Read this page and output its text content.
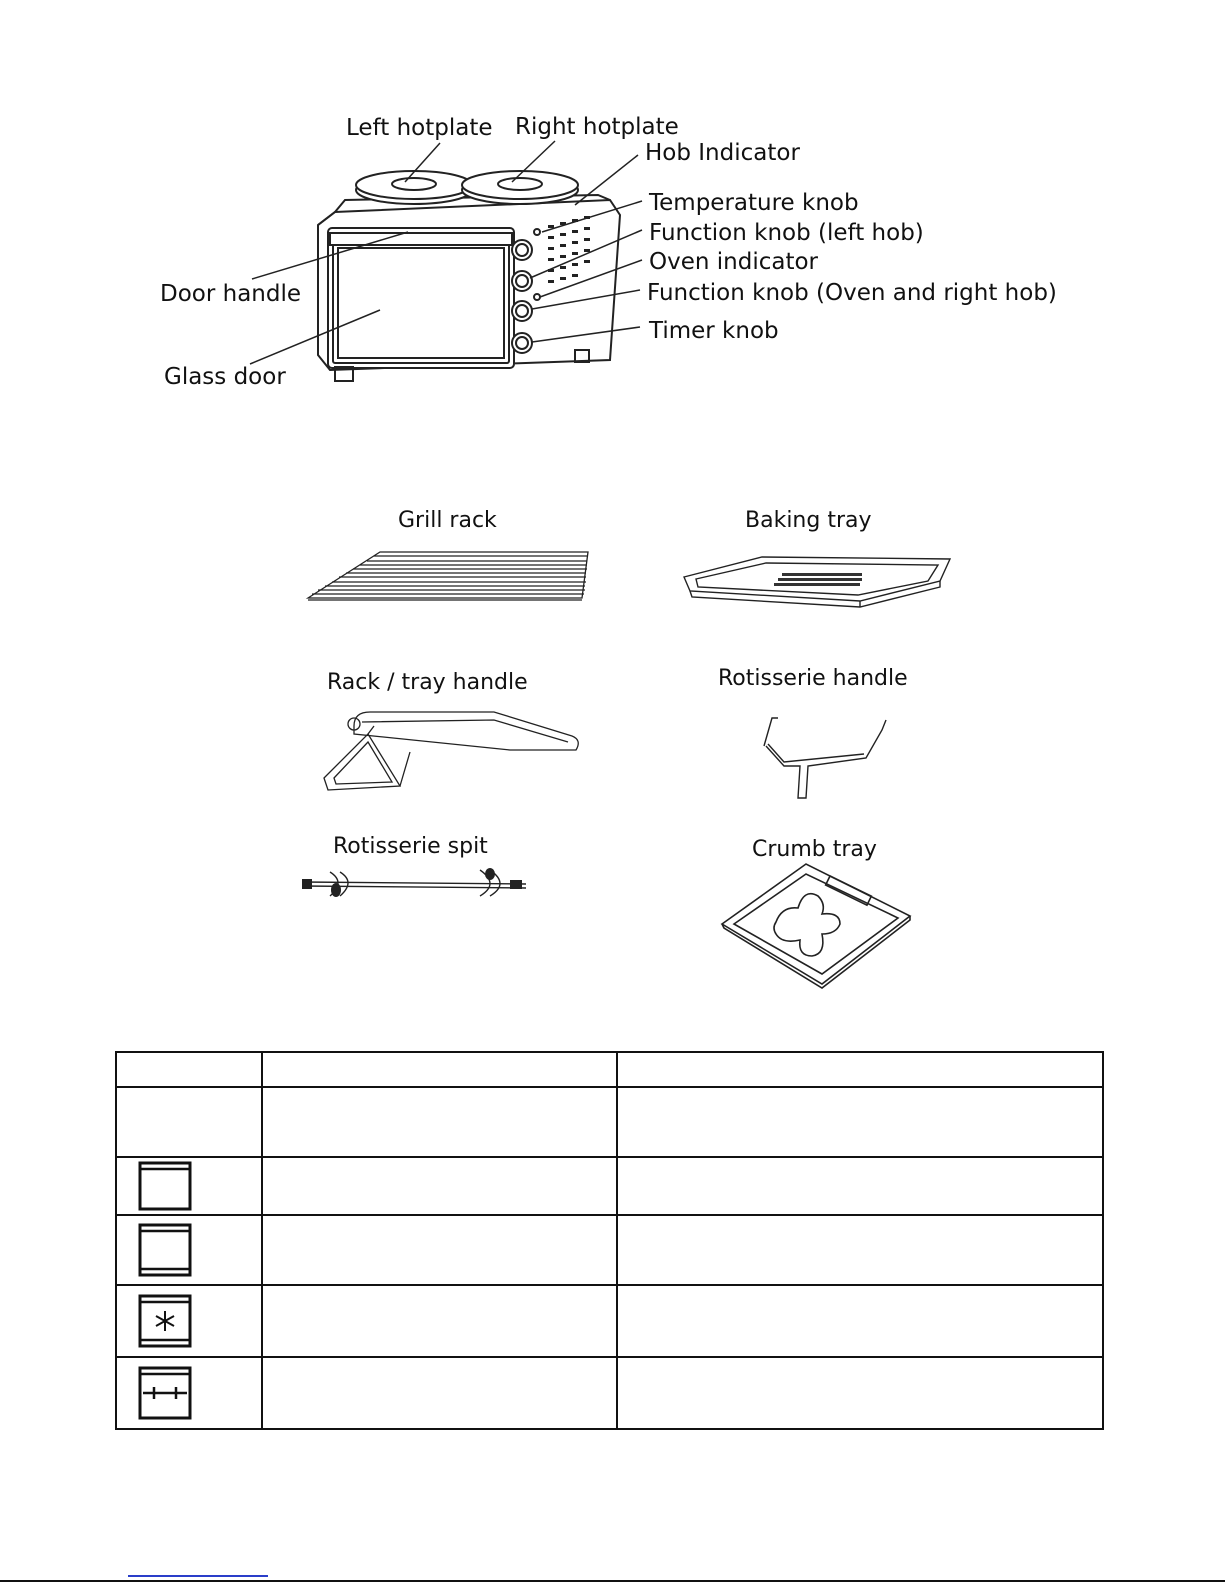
Left hotplate Right hotplate
Hob Indicator
Temperature knob
Function knob (left hob)
Oven indicator
Function knob (Oven and right hob)
Timer knob
Door handle
Glass door
Grill rack	Baking tray
Rack / tray handle	Rotisserie handle
Rotisserie spit	Crumb tray
